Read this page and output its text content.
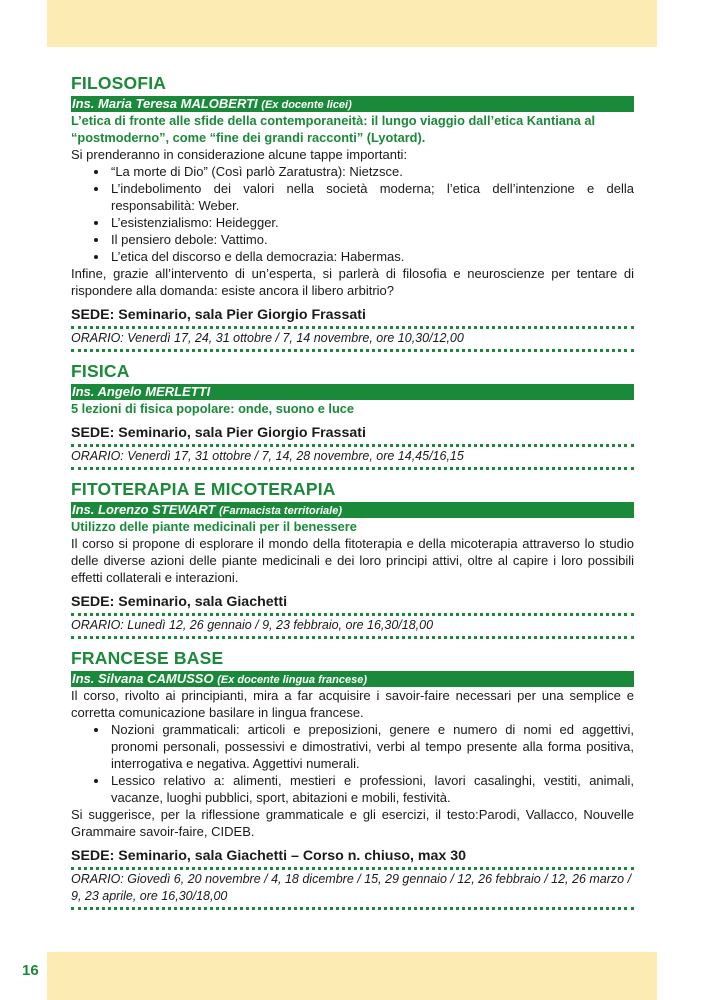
FILOSOFIA
Ins. Maria Teresa MALOBERTI (Ex docente licei)
L’etica di fronte alle sfide della contemporaneità: il lungo viaggio dall’etica Kantiana al “postmoderno”, come “fine dei grandi racconti” (Lyotard).

Si prenderanno in considerazione alcune tappe importanti:

• “La morte di Dio” (Così parlò Zaratustra): Nietzsce.
• L’indebolimento dei valori nella società moderna; l’etica dell’intenzione e della responsabilità: Weber.
• L’esistenzialismo: Heidegger.
• Il pensiero debole: Vattimo.
• L’etica del discorso e della democrazia: Habermas.

Infine, grazie all’intervento di un’esperta, si parlerà di filosofia e neuroscienze per tentare di rispondere alla domanda: esiste ancora il libero arbitrio?

SEDE: Seminario, sala Pier Giorgio Frassati
ORARIO: Venerdì 17, 24, 31 ottobre / 7, 14 novembre, ore 10,30/12,00
FISICA
Ins. Angelo MERLETTI
5 lezioni di fisica popolare: onde, suono e luce
SEDE: Seminario, sala Pier Giorgio Frassati
ORARIO: Venerdì 17, 31 ottobre / 7, 14, 28 novembre, ore 14,45/16,15
FITOTERAPIA E MICOTERAPIA
Ins. Lorenzo STEWART (Farmacista territoriale)
Utilizzo delle piante medicinali per il benessere

Il corso si propone di esplorare il mondo della fitoterapia e della micoterapia attraverso lo studio delle diverse azioni delle piante medicinali e dei loro principi attivi, oltre al capire i loro possibili effetti collaterali e interazioni.

SEDE: Seminario, sala Giachetti
ORARIO: Lunedì 12, 26 gennaio / 9, 23 febbraio, ore 16,30/18,00
FRANCESE BASE
Ins. Silvana CAMUSSO (Ex docente lingua francese)

Il corso, rivolto ai principianti, mira a far acquisire i savoir-faire necessari per una semplice e corretta comunicazione basilare in lingua francese.

• Nozioni grammaticali: articoli e preposizioni, genere e numero di nomi ed aggettivi, pronomi personali, possessivi e dimostrativi, verbi al tempo presente alla forma positiva, interrogativa e negativa. Aggettivi numerali.
• Lessico relativo a: alimenti, mestieri e professioni, lavori casalinghi, vestiti, animali, vacanze, luoghi pubblici, sport, abitazioni e mobili, festività.

Si suggerisce, per la riflessione grammaticale e gli esercizi, il testo:Parodi, Vallacco, Nouvelle Grammaire savoir-faire, CIDEB.

SEDE: Seminario, sala Giachetti – Corso n. chiuso, max 30
ORARIO: Giovedì 6, 20 novembre / 4, 18 dicembre / 15, 29 gennaio / 12, 26 febbraio / 12, 26 marzo / 9, 23 aprile, ore 16,30/18,00
16
